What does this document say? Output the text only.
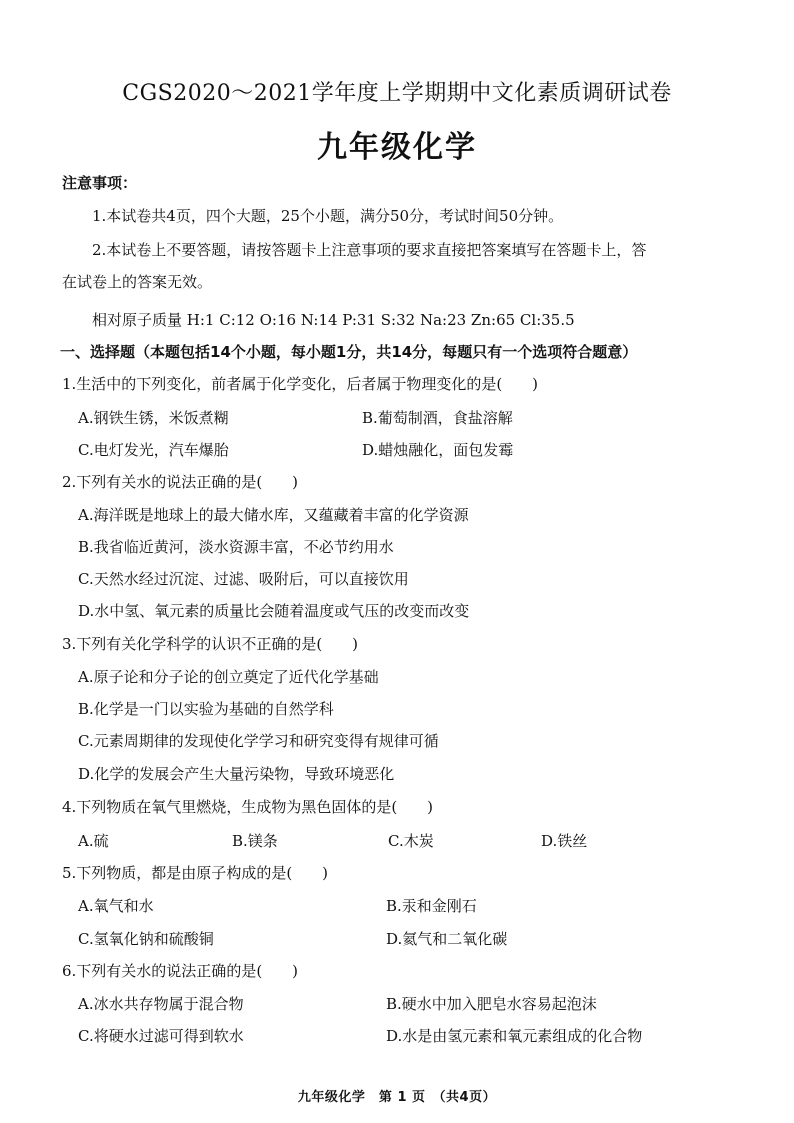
CGS2020～2021学年度上学期期中文化素质调研试卷
九年级化学
注意事项：
1.本试卷共4页，四个大题，25个小题，满分50分，考试时间50分钟。
2.本试卷上不要答题，请按答题卡上注意事项的要求直接把答案填写在答题卡上，答
在试卷上的答案无效。
相对原子质量 H:1 C:12 O:16 N:14 P:31 S:32 Na:23 Zn:65 Cl:35.5
一、选择题（本题包括14个小题，每小题1分，共14分，每题只有一个选项符合题意）
1.生活中的下列变化，前者属于化学变化，后者属于物理变化的是(　　)
A.钢铁生锈，米饭煮糊	B.葡萄制酒，食盐溶解
C.电灯发光，汽车爆胎	D.蜡烛融化，面包发霉
2.下列有关水的说法正确的是(　　)
A.海洋既是地球上的最大储水库，又蕴藏着丰富的化学资源
B.我省临近黄河，淡水资源丰富，不必节约用水
C.天然水经过沉淀、过滤、吸附后，可以直接饮用
D.水中氢、氧元素的质量比会随着温度或气压的改变而改变
3.下列有关化学科学的认识不正确的是(　　)
A.原子论和分子论的创立奠定了近代化学基础
B.化学是一门以实验为基础的自然学科
C.元素周期律的发现使化学学习和研究变得有规律可循
D.化学的发展会产生大量污染物，导致环境恶化
4.下列物质在氧气里燃烧，生成物为黑色固体的是(　　)
A.硫	B.镁条	C.木炭	D.铁丝
5.下列物质，都是由原子构成的是(　　)
A.氧气和水	B.汞和金刚石
C.氢氧化钠和硫酸铜	D.氦气和二氧化碳
6.下列有关水的说法正确的是(　　)
A.冰水共存物属于混合物	B.硬水中加入肥皂水容易起泡沫
C.将硬水过滤可得到软水	D.水是由氢元素和氧元素组成的化合物
九年级化学　第 1 页　（共4页）
